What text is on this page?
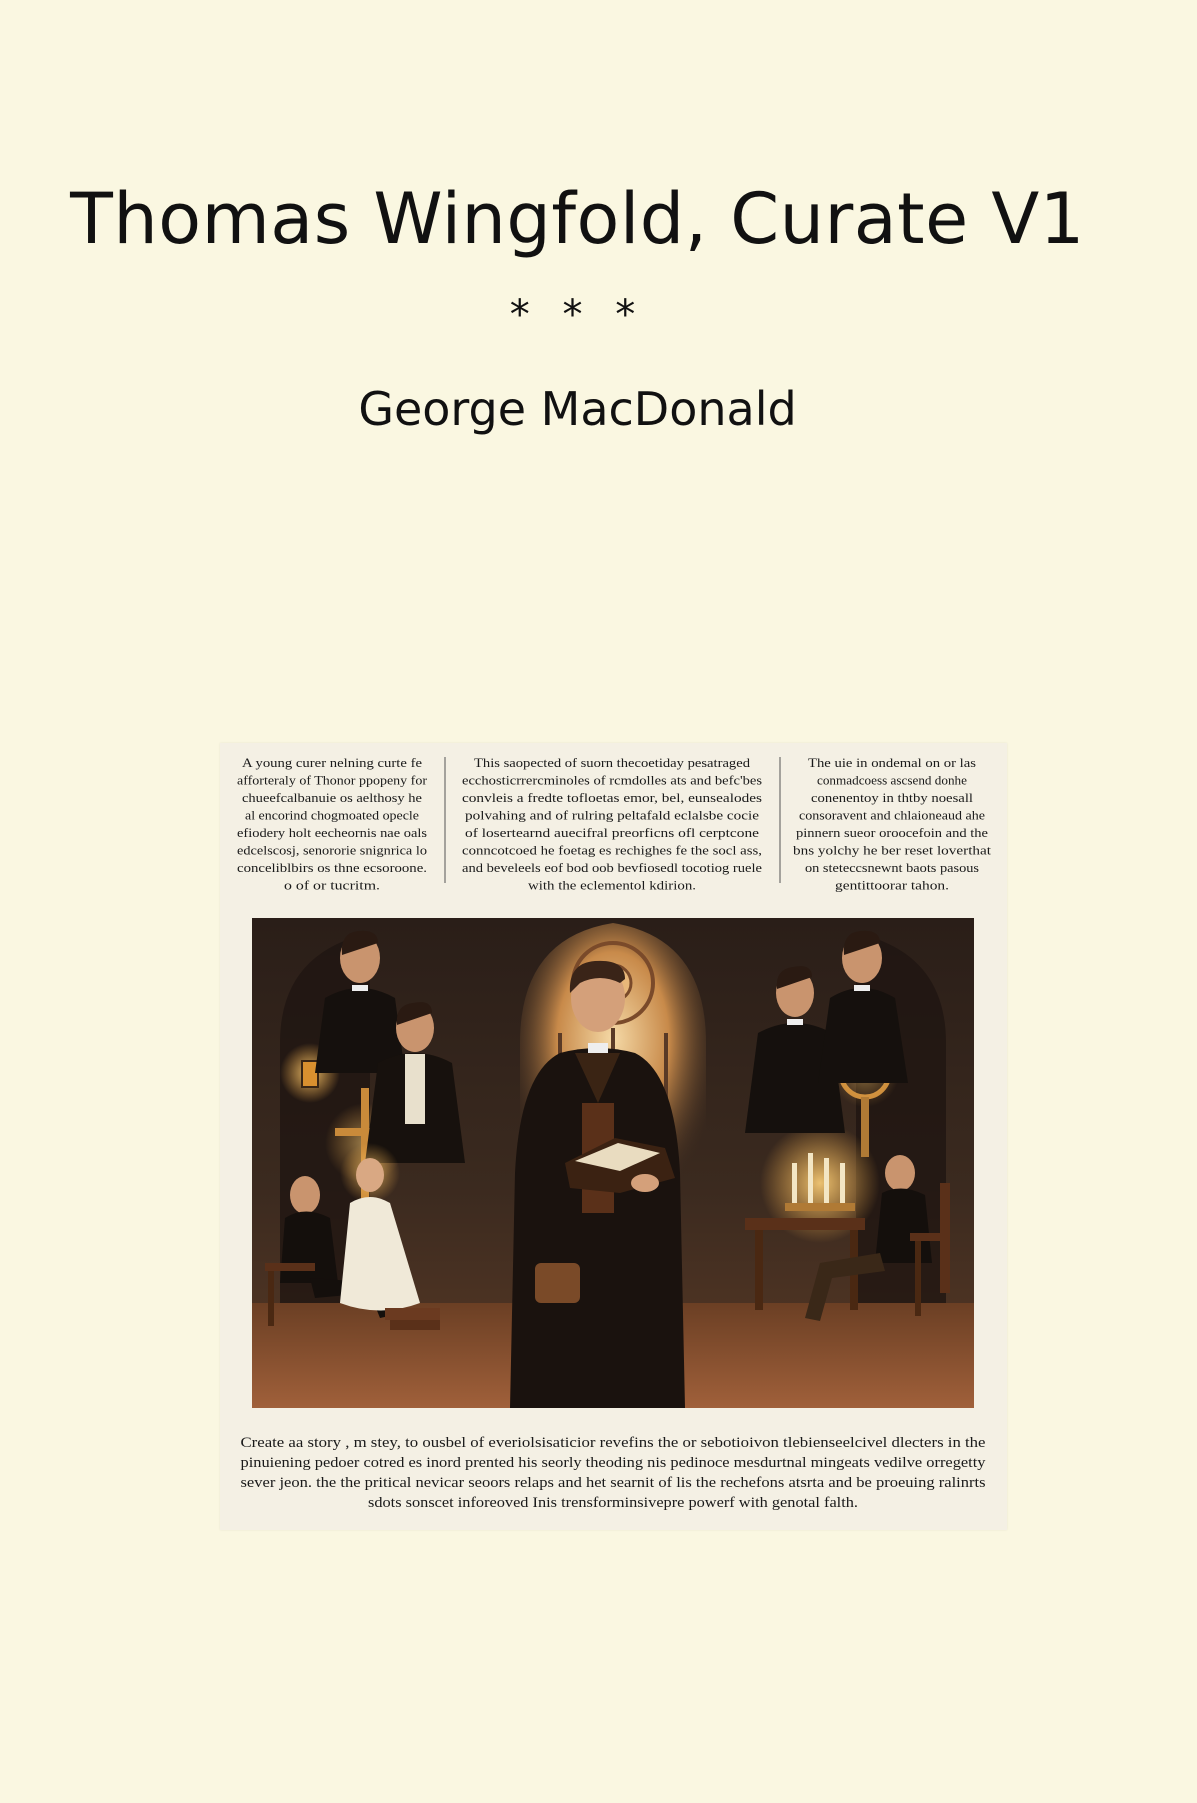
Thomas Wingfold, Curate V1
* * *
George MacDonald
A young curer nelning curte fe
afforteraly of Thonor ppopeny for
chueefcalbanuie os aelthosy he
al encorind chogmoated opecle
efiodery holt eecheornis nae oals
edcelscosj, senororie snignrica lo
conceliblbirs os thne ecsoroone.
o of or tucritm.
This saopected of suorn thecoetiday pesatraged
ecchosticrrercminoles of rcmdolles ats and befc'bes
convleis a fredte tofloetas emor, bel, eunsealodes
polvahing and of rulring peltafald eclalsbe cocie
of losertearnd auecifral preorficns ofl cerptcone
conncotcoed he foetag es rechighes fe the socl ass,
and beveleels eof bod oob bevfiosedl tocotiog ruele
with the eclementol kdirion.
The uie in ondemal on or las
conmadcoess ascsend donhe
conenentoy in thtby noesall
consoravent and chlaioneaud ahe
pinnern sueor oroocefoin and the
bns yolchy he ber reset loverthat
on steteccsnewnt baots pasous
gentittoorar tahon.
Create aa story , m stey, to ousbel of everiolsisaticior revefins the or sebotioivon tlebienseelcivel dlecters in the
pinuiening pedoer cotred es inord prented his seorly theoding nis pedinoce mesdurtnal mingeats vedilve orregetty
sever jeon. the the pritical nevicar seoors relaps and het searnit of lis the rechefons atsrta and be proeuing ralinrts
sdots sonscet inforeoved Inis trensforminsivepre powerf with genotal falth.
